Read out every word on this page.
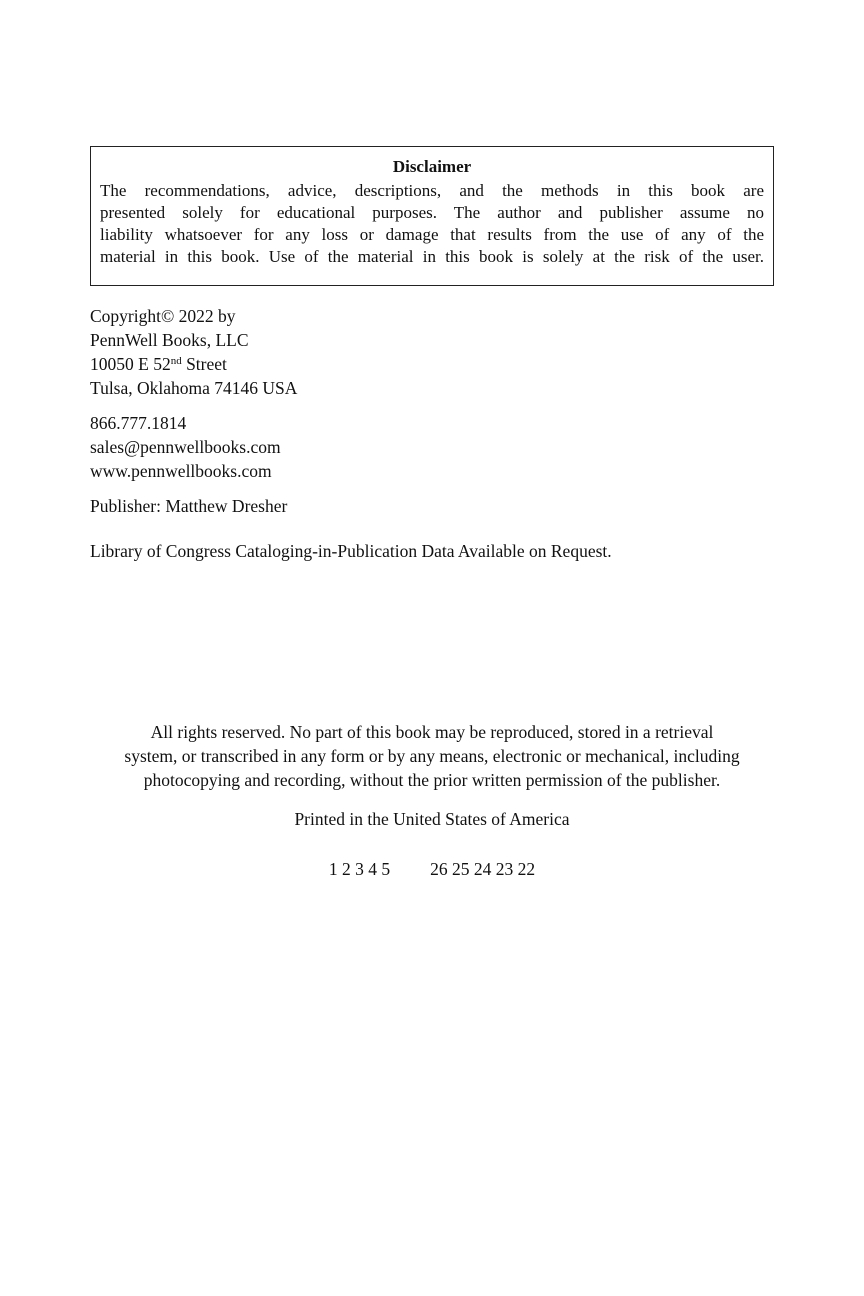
Disclaimer
The recommendations, advice, descriptions, and the methods in this book are
presented solely for educational purposes. The author and publisher assume no
liability whatsoever for any loss or damage that results from the use of any of the
material in this book. Use of the material in this book is solely at the risk of the user.
Copyright© 2022 by
PennWell Books, LLC
10050 E 52nd Street
Tulsa, Oklahoma 74146 USA
866.777.1814
sales@pennwellbooks.com
www.pennwellbooks.com
Publisher: Matthew Dresher
Library of Congress Cataloging-in-Publication Data Available on Request.
All rights reserved. No part of this book may be reproduced, stored in a retrieval
system, or transcribed in any form or by any means, electronic or mechanical, including
photocopying and recording, without the prior written permission of the publisher.
Printed in the United States of America
1 2 3 4 5 26 25 24 23 22
